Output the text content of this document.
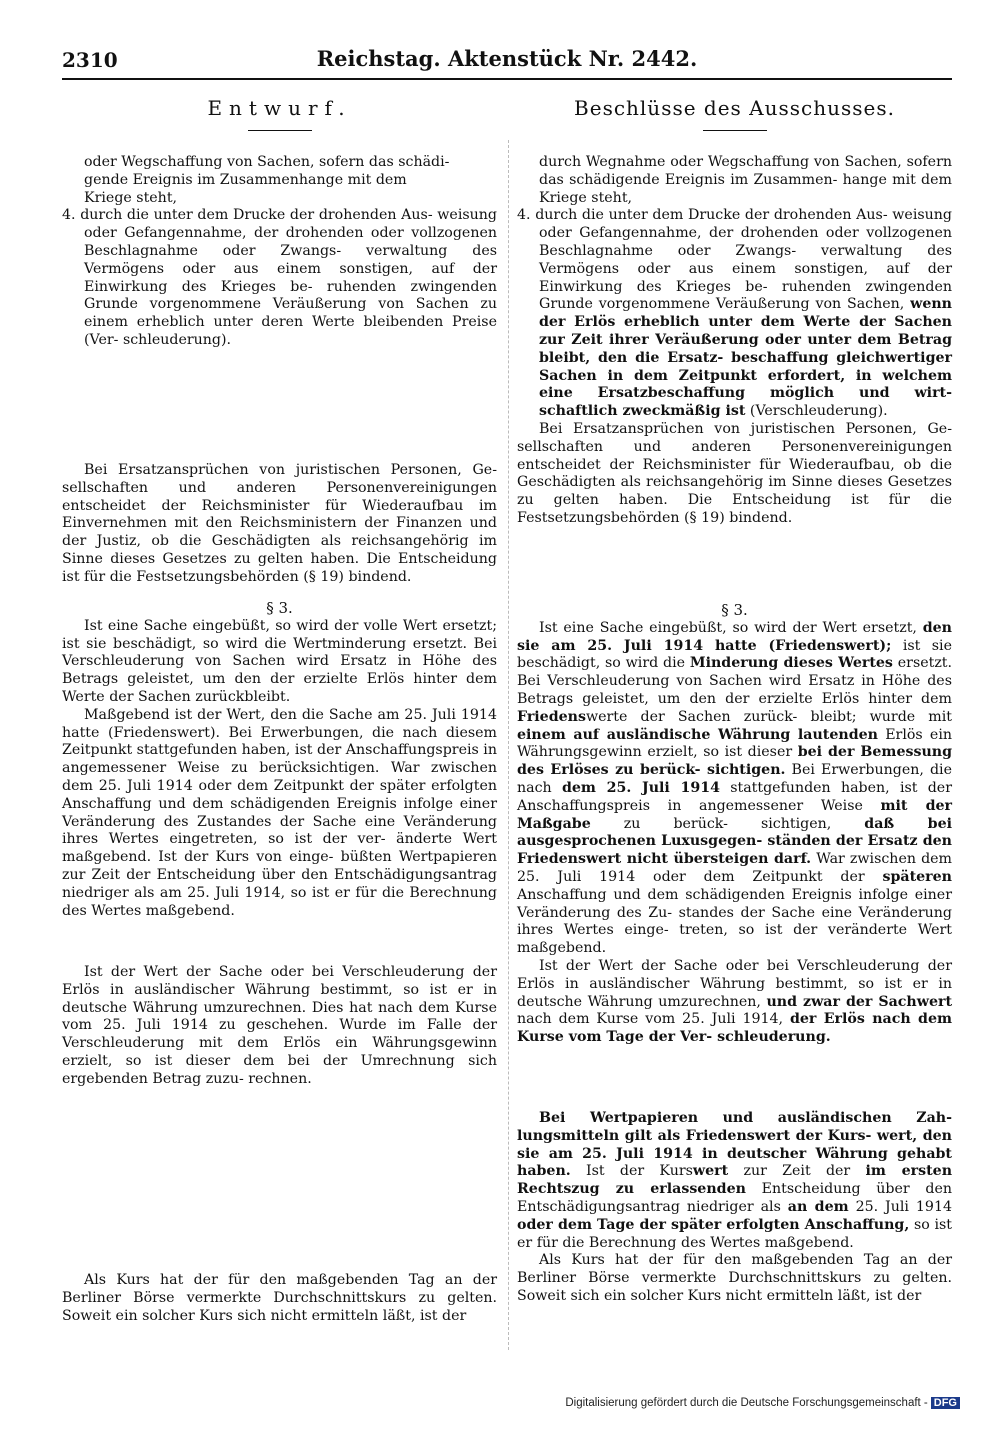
2310	Reichstag. Aktenstück Nr. 2442.
Entwurf.

oder Wegschaffung von Sachen, sofern das schädi-

gende Ereignis im Zusammenhange mit dem

Kriege steht,

4. durch die unter dem Drucke der drohenden Aus- weisung oder Gefangennahme, der drohenden oder vollzogenen Beschlagnahme oder Zwangs- verwaltung des Vermögens oder aus einem sonstigen, auf der Einwirkung des Krieges be- ruhenden zwingenden Grunde vorgenommene Veräußerung von Sachen zu einem erheblich unter deren Werte bleibenden Preise (Ver- schleuderung).

Bei Ersatzansprüchen von juristischen Personen, Ge- sellschaften und anderen Personenvereinigungen entscheidet der Reichsminister für Wiederaufbau im Einvernehmen mit den Reichsministern der Finanzen und der Justiz, ob die Geschädigten als reichsangehörig im Sinne dieses Gesetzes zu gelten haben. Die Entscheidung ist für die Festsetzungsbehörden (§ 19) bindend.

§ 3.

Ist eine Sache eingebüßt, so wird der volle Wert ersetzt; ist sie beschädigt, so wird die Wertminderung ersetzt. Bei Verschleuderung von Sachen wird Ersatz in Höhe des Betrags geleistet, um den der erzielte Erlös hinter dem Werte der Sachen zurückbleibt.

Maßgebend ist der Wert, den die Sache am 25. Juli 1914 hatte (Friedenswert). Bei Erwerbungen, die nach diesem Zeitpunkt stattgefunden haben, ist der Anschaffungspreis in angemessener Weise zu berücksichtigen. War zwischen dem 25. Juli 1914 oder dem Zeitpunkt der später erfolgten Anschaffung und dem schädigenden Ereignis infolge einer Veränderung des Zustandes der Sache eine Veränderung ihres Wertes eingetreten, so ist der ver- änderte Wert maßgebend. Ist der Kurs von einge- büßten Wertpapieren zur Zeit der Entscheidung über den Entschädigungsantrag niedriger als am 25. Juli 1914, so ist er für die Berechnung des Wertes maßgebend.

Ist der Wert der Sache oder bei Verschleuderung der Erlös in ausländischer Währung bestimmt, so ist er in deutsche Währung umzurechnen. Dies hat nach dem Kurse vom 25. Juli 1914 zu geschehen. Wurde im Falle der Verschleuderung mit dem Erlös ein Währungsgewinn erzielt, so ist dieser dem bei der Umrechnung sich ergebenden Betrag zuzu- rechnen.

Als Kurs hat der für den maßgebenden Tag an der Berliner Börse vermerkte Durchschnittskurs zu gelten. Soweit ein solcher Kurs sich nicht ermitteln läßt, ist der

Beschlüsse des Ausschusses.

durch Wegnahme oder Wegschaffung von Sachen, sofern das schädigende Ereignis im Zusammen- hange mit dem Kriege steht,

4. durch die unter dem Drucke der drohenden Aus- weisung oder Gefangennahme, der drohenden oder vollzogenen Beschlagnahme oder Zwangs- verwaltung des Vermögens oder aus einem sonstigen, auf der Einwirkung des Krieges be- ruhenden zwingenden Grunde vorgenommene Veräußerung von Sachen, wenn der Erlös erheblich unter dem Werte der Sachen zur Zeit ihrer Veräußerung oder unter dem Betrag bleibt, den die Ersatz- beschaffung gleichwertiger Sachen in dem Zeitpunkt erfordert, in welchem eine Ersatzbeschaffung möglich und wirt- schaftlich zweckmäßig ist (Verschleuderung).

Bei Ersatzansprüchen von juristischen Personen, Ge- sellschaften und anderen Personenvereinigungen entscheidet der Reichsminister für Wiederaufbau, ob die Geschädigten als reichsangehörig im Sinne dieses Gesetzes zu gelten haben. Die Entscheidung ist für die Festsetzungsbehörden (§ 19) bindend.

§ 3.

Ist eine Sache eingebüßt, so wird der Wert ersetzt, den sie am 25. Juli 1914 hatte (Friedenswert); ist sie beschädigt, so wird die Minderung dieses Wertes ersetzt. Bei Verschleuderung von Sachen wird Ersatz in Höhe des Betrags geleistet, um den der erzielte Erlös hinter dem Friedenswerte der Sachen zurück- bleibt; wurde mit einem auf ausländische Währung lautenden Erlös ein Währungsgewinn erzielt, so ist dieser bei der Bemessung des Erlöses zu berück- sichtigen. Bei Erwerbungen, die nach dem 25. Juli 1914 stattgefunden haben, ist der Anschaffungspreis in angemessener Weise mit der Maßgabe zu berück- sichtigen, daß bei ausgesprochenen Luxusgegen- ständen der Ersatz den Friedenswert nicht übersteigen darf. War zwischen dem 25. Juli 1914 oder dem Zeitpunkt der späteren Anschaffung und dem schädigenden Ereignis infolge einer Veränderung des Zu- standes der Sache eine Veränderung ihres Wertes einge- treten, so ist der veränderte Wert maßgebend.

Ist der Wert der Sache oder bei Verschleuderung der Erlös in ausländischer Währung bestimmt, so ist er in deutsche Währung umzurechnen, und zwar der Sachwert nach dem Kurse vom 25. Juli 1914, der Erlös nach dem Kurse vom Tage der Ver- schleuderung.

Bei Wertpapieren und ausländischen Zah- lungsmitteln gilt als Friedenswert der Kurs- wert, den sie am 25. Juli 1914 in deutscher Währung gehabt haben. Ist der Kurswert zur Zeit der im ersten Rechtszug zu erlassenden Entscheidung über den Entschädigungsantrag niedriger als an dem 25. Juli 1914 oder dem Tage der später erfolgten Anschaffung, so ist er für die Berechnung des Wertes maßgebend.

Als Kurs hat der für den maßgebenden Tag an der Berliner Börse vermerkte Durchschnittskurs zu gelten. Soweit sich ein solcher Kurs nicht ermitteln läßt, ist der

Digitalisierung gefördert durch die Deutsche Forschungsgemeinschaft - DFG
